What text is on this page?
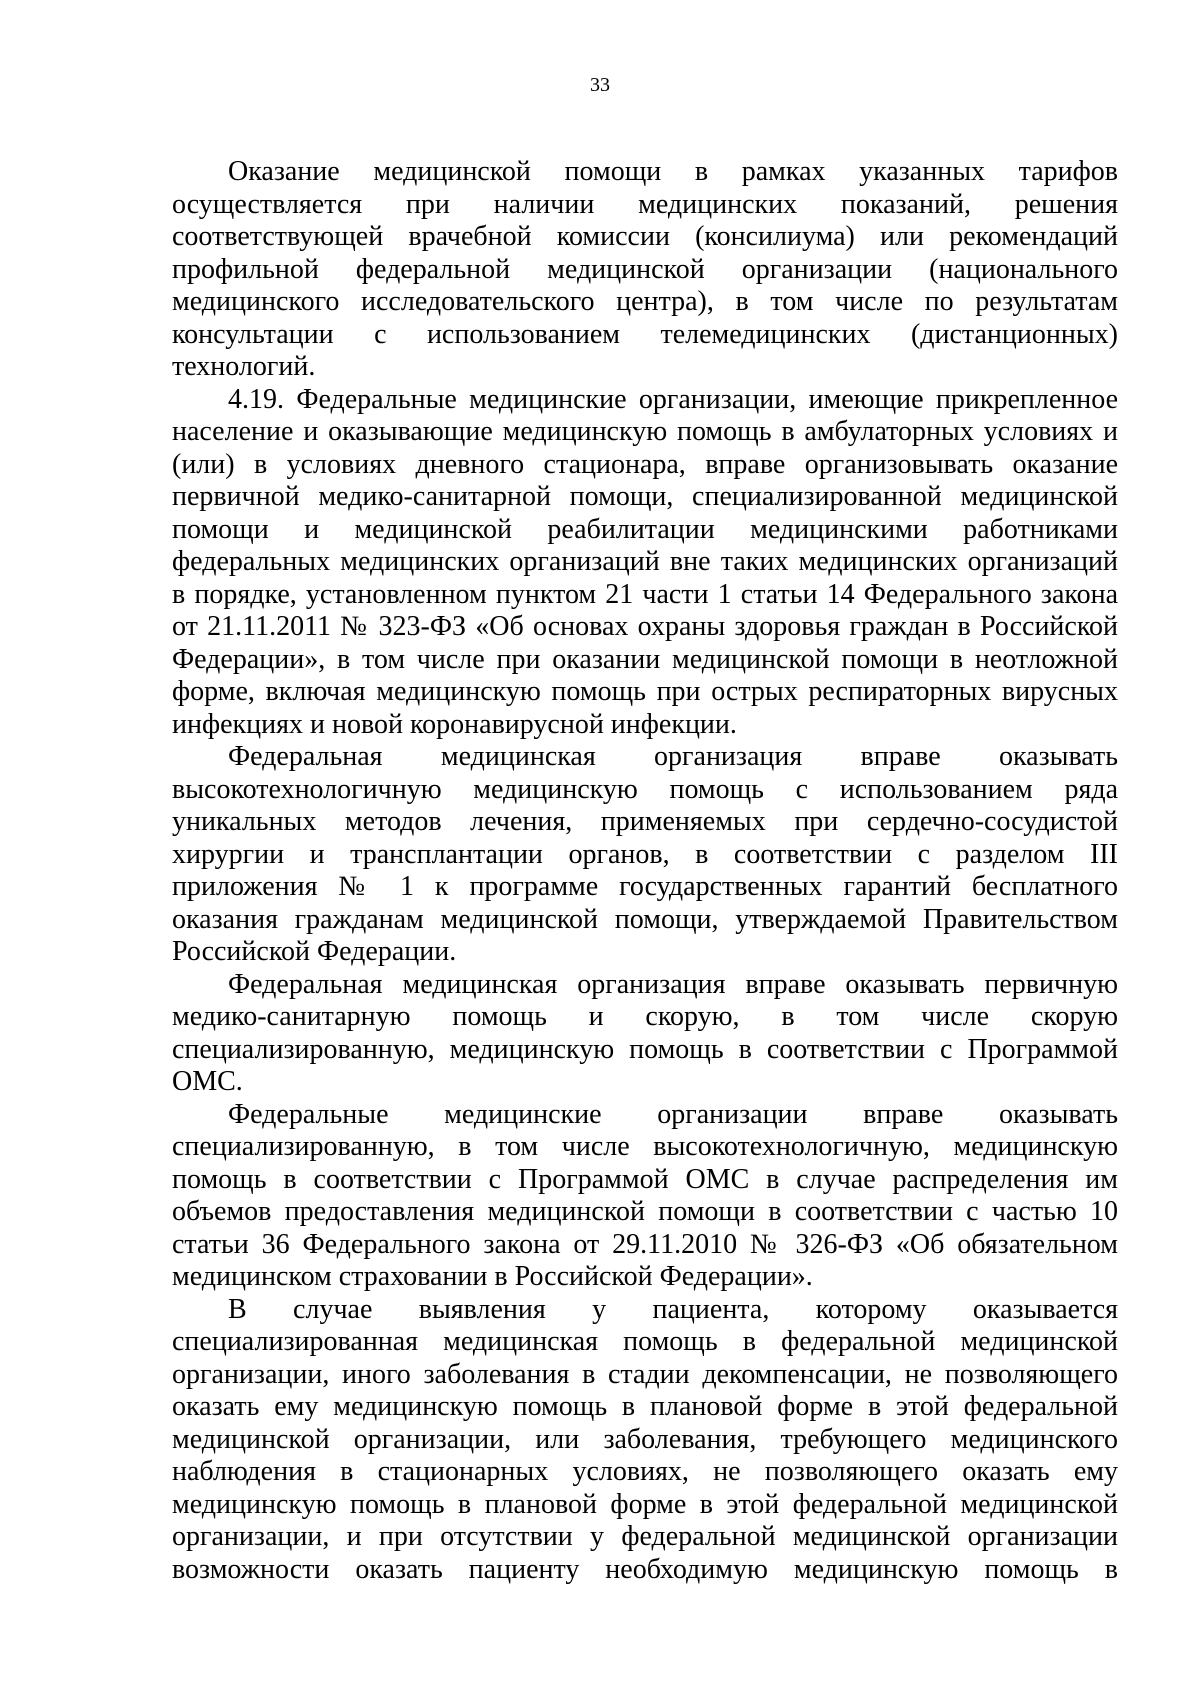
33

Оказание медицинской помощи в рамках указанных тарифов осуществляется при наличии медицинских показаний, решения соответствующей врачебной комиссии (консилиума) или рекомендаций профильной федеральной медицинской организации (национального медицинского исследовательского центра), в том числе по результатам консультации с использованием телемедицинских (дистанционных) технологий.

4.19. Федеральные медицинские организации, имеющие прикрепленное население и оказывающие медицинскую помощь в амбулаторных условиях и (или) в условиях дневного стационара, вправе организовывать оказание первичной медико-санитарной помощи, специализированной медицинской помощи и медицинской реабилитации медицинскими работниками федеральных медицинских организаций вне таких медицинских организаций в порядке, установленном пунктом 21 части 1 статьи 14 Федерального закона от 21.11.2011 № 323-ФЗ «Об основах охраны здоровья граждан в Российской Федерации», в том числе при оказании медицинской помощи в неотложной форме, включая медицинскую помощь при острых респираторных вирусных инфекциях и новой коронавирусной инфекции.

Федеральная медицинская организация вправе оказывать высокотехнологичную медицинскую помощь с использованием ряда уникальных методов лечения, применяемых при сердечно-сосудистой хирургии и трансплантации органов, в соответствии с разделом III приложения № 1 к программе государственных гарантий бесплатного оказания гражданам медицинской помощи, утверждаемой Правительством Российской Федерации.

Федеральная медицинская организация вправе оказывать первичную медико-санитарную помощь и скорую, в том числе скорую специализированную, медицинскую помощь в соответствии с Программой ОМС.

Федеральные медицинские организации вправе оказывать специализированную, в том числе высокотехнологичную, медицинскую помощь в соответствии с Программой ОМС в случае распределения им объемов предоставления медицинской помощи в соответствии с частью 10 статьи 36 Федерального закона от 29.11.2010 № 326-ФЗ «Об обязательном медицинском страховании в Российской Федерации».

В случае выявления у пациента, которому оказывается специализированная медицинская помощь в федеральной медицинской организации, иного заболевания в стадии декомпенсации, не позволяющего оказать ему медицинскую помощь в плановой форме в этой федеральной медицинской организации, или заболевания, требующего медицинского наблюдения в стационарных условиях, не позволяющего оказать ему медицинскую помощь в плановой форме в этой федеральной медицинской организации, и при отсутствии у федеральной медицинской организации возможности оказать пациенту необходимую медицинскую помощь в
